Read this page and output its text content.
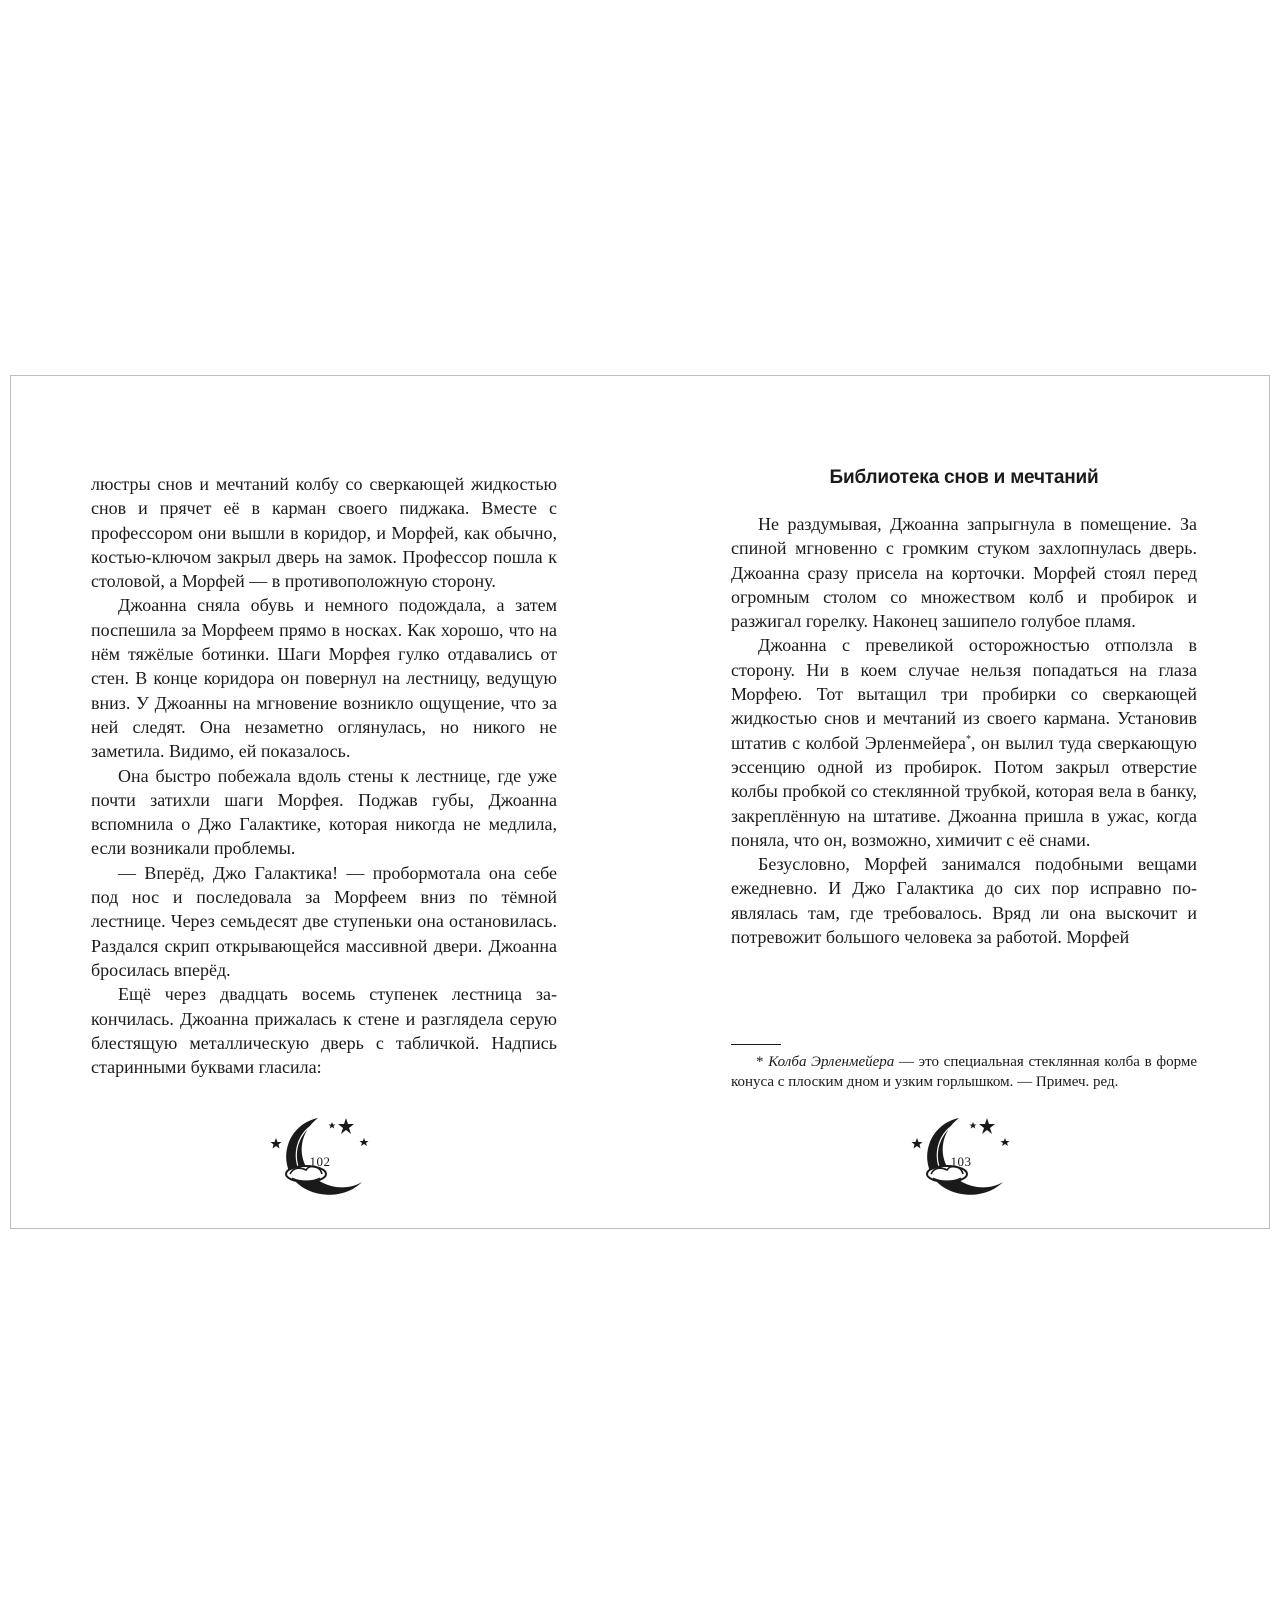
люстры снов и мечтаний колбу со сверкающей жидкостью снов и прячет её в карман своего пиджака. Вместе с профессором они вышли в коридор, и Морфей, как обычно, костью-ключом закрыл дверь на замок. Профессор пошла к столовой, а Морфей — в противоположную сторону.

Джоанна сняла обувь и немного подождала, а затем поспешила за Морфеем прямо в носках. Как хорошо, что на нём тяжёлые ботинки. Шаги Морфея гулко отдавались от стен. В конце коридора он повернул на лестницу, ведущую вниз. У Джоанны на мгновение возникло ощущение, что за ней следят. Она незаметно оглянулась, но никого не заметила. Видимо, ей показалось.

Она быстро побежала вдоль стены к лестнице, где уже почти затихли шаги Морфея. Поджав губы, Джоанна вспомнила о Джо Галактике, которая никогда не медлила, если возникали проблемы.

— Вперёд, Джо Галактика! — пробормотала она себе под нос и последовала за Морфеем вниз по тёмной лестнице. Через семьдесят две ступеньки она остановилась. Раздался скрип открывающейся массивной двери. Джоанна бросилась вперёд.

Ещё через двадцать восемь ступенек лестница закончилась. Джоанна прижалась к стене и разглядела серую блестящую металлическую дверь с табличкой. Надпись старинными буквами гласила:

102
Библиотека снов и мечтаний

Не раздумывая, Джоанна запрыгнула в помещение. За спиной мгновенно с громким стуком захлопнулась дверь. Джоанна сразу присела на корточки. Морфей стоял перед огромным столом со множеством колб и пробирок и разжигал горелку. Наконец зашипело голубое пламя.

Джоанна с превеликой осторожностью отползла в сторону. Ни в коем случае нельзя попадаться на глаза Морфею. Тот вытащил три пробирки со сверкающей жидкостью снов и мечтаний из своего кармана. Установив штатив с колбой Эрленмейера*, он вылил туда сверкающую эссенцию одной из пробирок. Потом закрыл отверстие колбы пробкой со стеклянной трубкой, которая вела в банку, закреплённую на штативе. Джоанна пришла в ужас, когда поняла, что он, возможно, химичит с её снами.

Безусловно, Морфей занимался подобными вещами ежедневно. И Джо Галактика до сих пор исправно появлялась там, где требовалось. Вряд ли она выскочит и потревожит большого человека за работой. Морфей

* Колба Эрленмейера — это специальная стеклянная колба в форме конуса с плоским дном и узким горлышком. — Примеч. ред.

103
